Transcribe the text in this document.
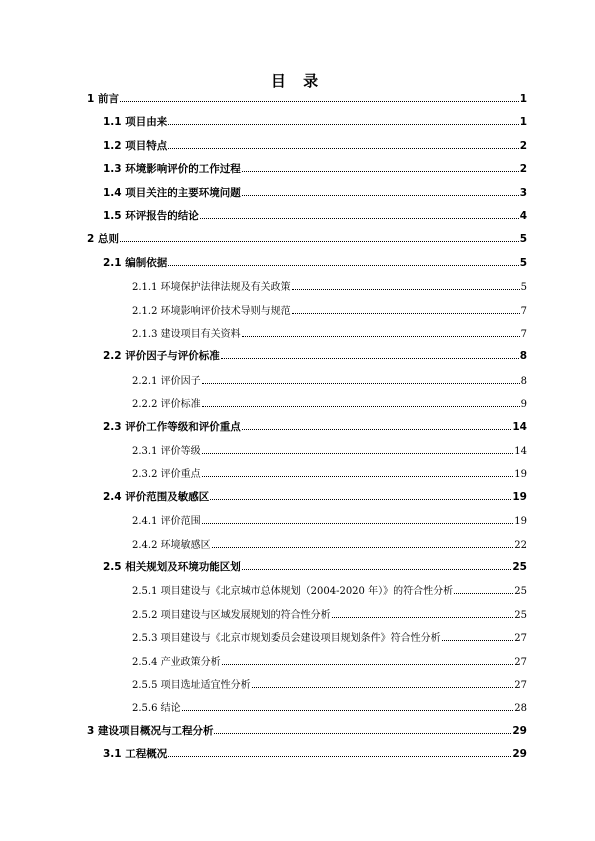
目 录
1 前言	1
1.1 项目由来	1
1.2 项目特点	2
1.3 环境影响评价的工作过程	2
1.4 项目关注的主要环境问题	3
1.5 环评报告的结论	4
2 总则	5
2.1 编制依据	5
2.1.1 环境保护法律法规及有关政策	5
2.1.2 环境影响评价技术导则与规范	7
2.1.3 建设项目有关资料	7
2.2 评价因子与评价标准	8
2.2.1 评价因子	8
2.2.2 评价标准	9
2.3 评价工作等级和评价重点	14
2.3.1 评价等级	14
2.3.2 评价重点	19
2.4 评价范围及敏感区	19
2.4.1 评价范围	19
2.4.2 环境敏感区	22
2.5 相关规划及环境功能区划	25
2.5.1 项目建设与《北京城市总体规划（2004-2020 年）》的符合性分析	25
2.5.2 项目建设与区域发展规划的符合性分析	25
2.5.3 项目建设与《北京市规划委员会建设项目规划条件》符合性分析	27
2.5.4 产业政策分析	27
2.5.5 项目选址适宜性分析	27
2.5.6 结论	28
3 建设项目概况与工程分析	29
3.1 工程概况	29
